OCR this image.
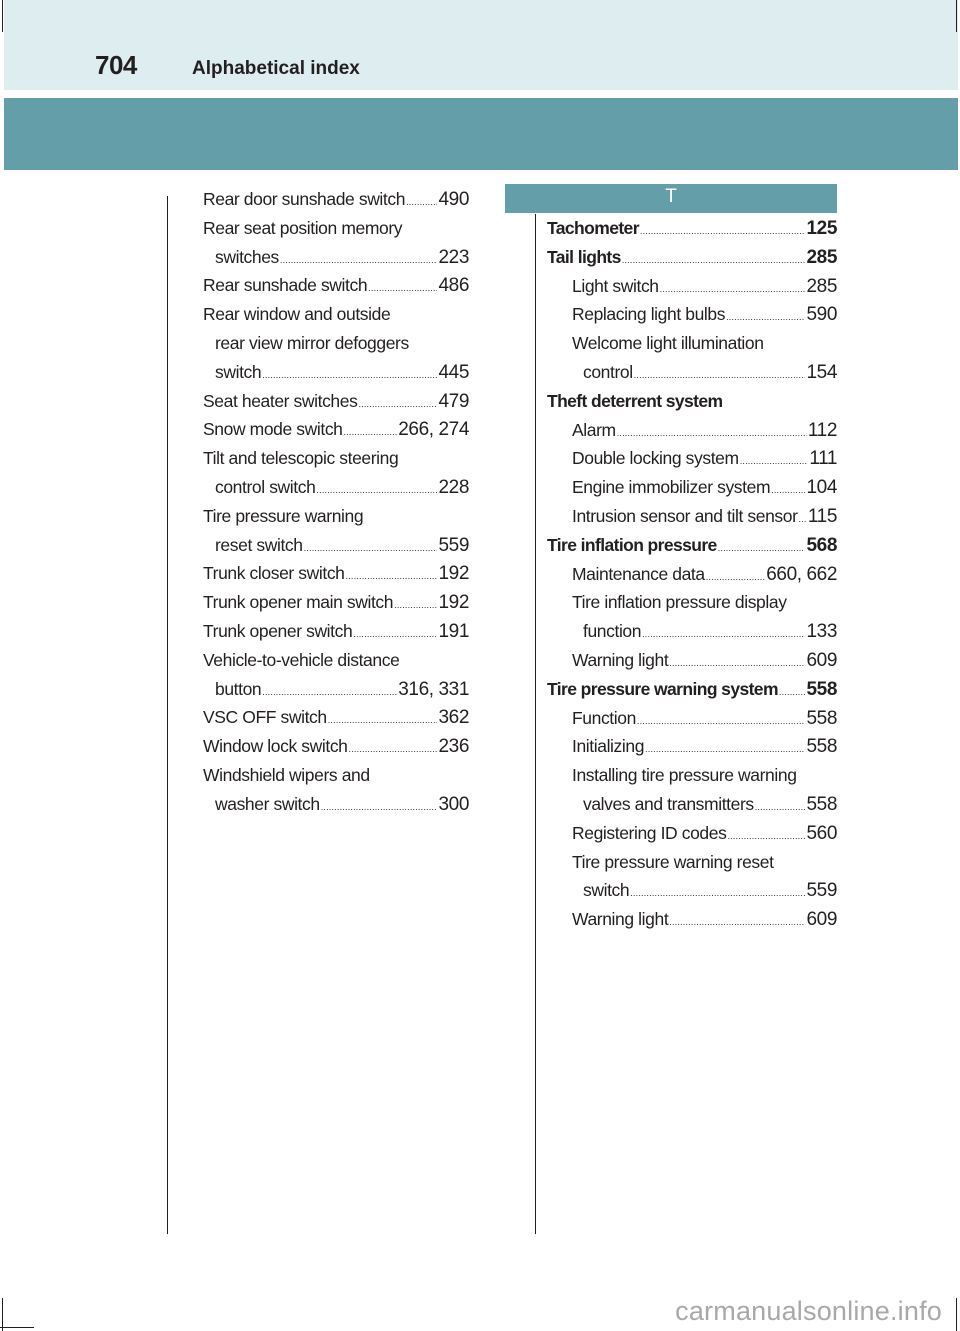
704	Alphabetical index
Rear door sunshade switch ..... 490
Rear seat position memory
switches .....	223
Rear sunshade switch .....	486
Rear window and outside
rear view mirror defoggers
switch .....	445
Seat heater switches .....	479
Snow mode switch .....	266, 274
Tilt and telescopic steering
control switch .....	228
Tire pressure warning
reset switch .....	559
Trunk closer switch .....	192
Trunk opener main switch ..... 192
Trunk opener switch .....	191
Vehicle-to-vehicle distance
button .....	316, 331
VSC OFF switch .....	362
Window lock switch .....	236
Windshield wipers and
washer switch .....	300
T
Tachometer .....	125
Tail lights .....	285
Light switch .....	285
Replacing light bulbs .....	590
Welcome light illumination
control .....	154
Theft deterrent system
Alarm .....	112
Double locking system .....	111
Engine immobilizer system ..... 104
Intrusion sensor and tilt sensor ..... 115
Tire inflation pressure .....	568
Maintenance data .....	660, 662
Tire inflation pressure display
function .....	133
Warning light .....	609
Tire pressure warning system ..... 558
Function .....	558
Initializing .....	558
Installing tire pressure warning
valves and transmitters .....	558
Registering ID codes .....	560
Tire pressure warning reset
switch .....	559
Warning light .....	609
carmanualsonline.info
